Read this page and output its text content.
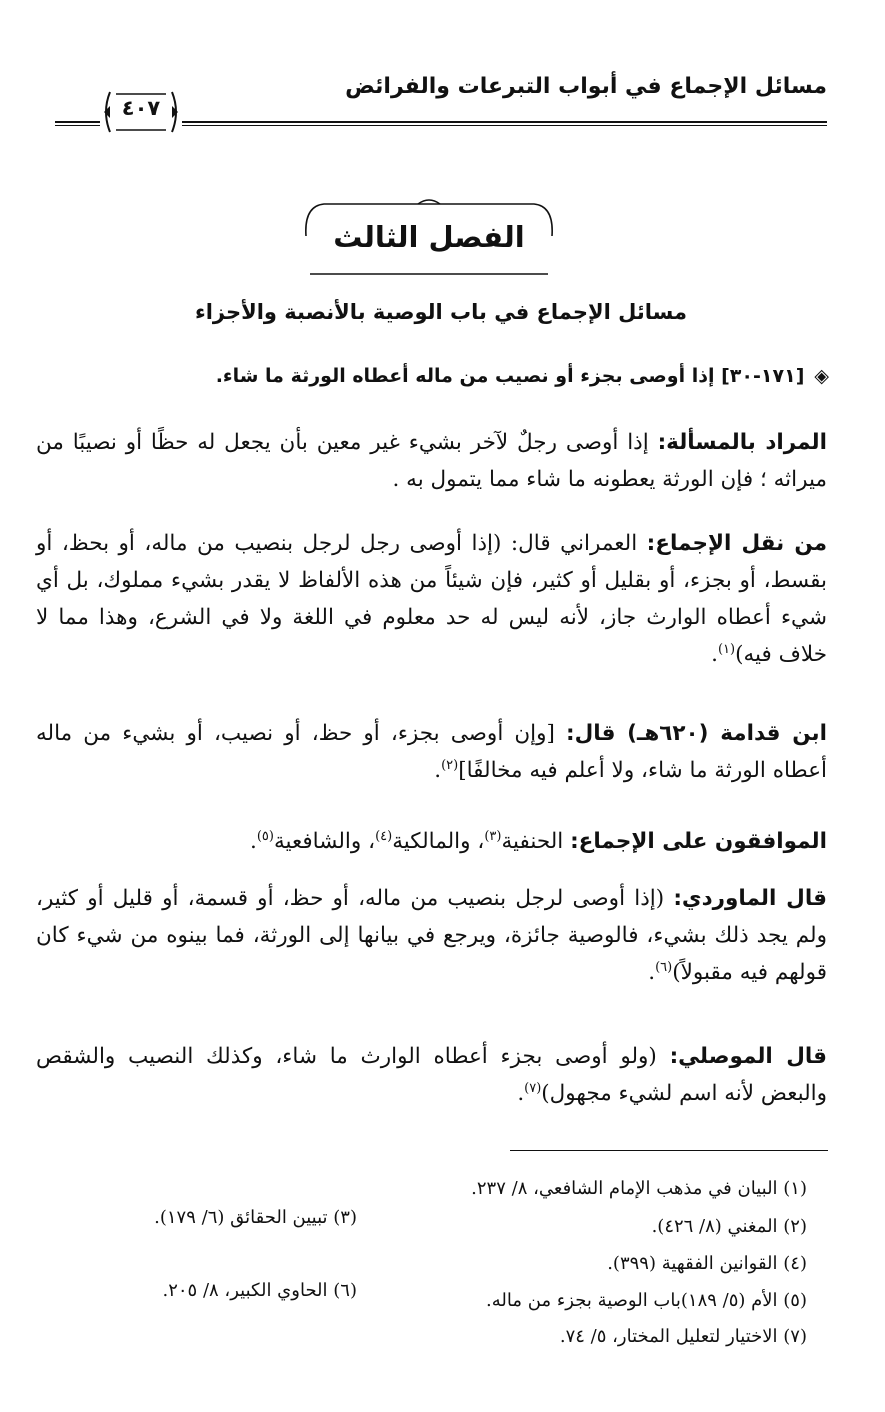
مسائل الإجماع في أبواب التبرعات والفرائض
٤٠٧
الفصل الثالث
مسائل الإجماع في باب الوصية بالأنصبة والأجزاء
◈[١٧١-٣٠] إذا أوصى بجزء أو نصيب من ماله أعطاه الورثة ما شاء.
المراد بالمسألة: إذا أوصى رجلٌ لآخر بشيء غير معين بأن يجعل له حظًا أو نصيبًا من ميراثه ؛ فإن الورثة يعطونه ما شاء مما يتمول به .
من نقل الإجماع: العمراني قال: (إذا أوصى رجل لرجل بنصيب من ماله، أو بحظ، أو بقسط، أو بجزء، أو بقليل أو كثير، فإن شيئاً من هذه الألفاظ لا يقدر بشيء مملوك، بل أي شيء أعطاه الوارث جاز، لأنه ليس له حد معلوم في اللغة ولا في الشرع، وهذا مما لا خلاف فيه)$^{(١)}$.
ابن قدامة (٦٢٠هـ) قال: [وإن أوصى بجزء، أو حظ، أو نصيب، أو بشيء من ماله أعطاه الورثة ما شاء، ولا أعلم فيه مخالفًا]$^{(٢)}$.
الموافقون على الإجماع: الحنفية$^{(٣)}$، والمالكية$^{(٤)}$، والشافعية$^{(٥)}$.
قال الماوردي: (إذا أوصى لرجل بنصيب من ماله، أو حظ، أو قسمة، أو قليل أو كثير، ولم يجد ذلك بشيء، فالوصية جائزة، ويرجع في بيانها إلى الورثة، فما بينوه من شيء كان قولهم فيه مقبولاً)$^{(٦)}$.
قال الموصلي: (ولو أوصى بجزء أعطاه الوارث ما شاء، وكذلك النصيب والشقص والبعض لأنه اسم لشيء مجهول)$^{(٧)}$.
(١) البيان في مذهب الإمام الشافعي، ٨/ ٢٣٧.
(٣) تبيين الحقائق (٦/ ١٧٩).	(٢) المغني (٨/ ٤٢٦).
(٤) القوانين الفقهية (٣٩٩).
(٦) الحاوي الكبير، ٨/ ٢٠٥.	(٥) الأم (٥/ ١٨٩)باب الوصية بجزء من ماله.
(٧) الاختيار لتعليل المختار، ٥/ ٧٤.
